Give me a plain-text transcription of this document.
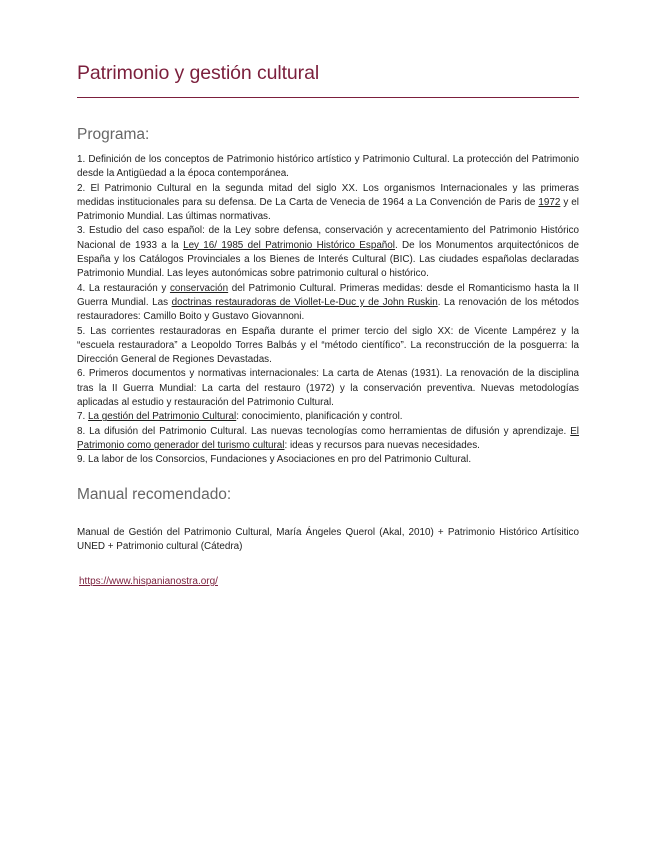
Patrimonio y gestión cultural
Programa:
1. Definición de los conceptos de Patrimonio histórico artístico y Patrimonio Cultural. La protección del Patrimonio desde la Antigüedad a la época contemporánea.
2. El Patrimonio Cultural en la segunda mitad del siglo XX. Los organismos Internacionales y las primeras medidas institucionales para su defensa. De La Carta de Venecia de 1964 a La Convención de Paris de 1972 y el Patrimonio Mundial. Las últimas normativas.
3. Estudio del caso español: de la Ley sobre defensa, conservación y acrecentamiento del Patrimonio Histórico Nacional de 1933 a la Ley 16/ 1985 del Patrimonio Histórico Español. De los Monumentos arquitectónicos de España y los Catálogos Provinciales a los Bienes de Interés Cultural (BIC). Las ciudades españolas declaradas Patrimonio Mundial. Las leyes autonómicas sobre patrimonio cultural o histórico.
4. La restauración y conservación del Patrimonio Cultural. Primeras medidas: desde el Romanticismo hasta la II Guerra Mundial. Las doctrinas restauradoras de Viollet-Le-Duc y de John Ruskin. La renovación de los métodos restauradores: Camillo Boito y Gustavo Giovannoni.
5. Las corrientes restauradoras en España durante el primer tercio del siglo XX: de Vicente Lampérez y la “escuela restauradora” a Leopoldo Torres Balbás y el “método científico”. La reconstrucción de la posguerra: la Dirección General de Regiones Devastadas.
6. Primeros documentos y normativas internacionales: La carta de Atenas (1931). La renovación de la disciplina tras la II Guerra Mundial: La carta del restauro (1972) y la conservación preventiva. Nuevas metodologías aplicadas al estudio y restauración del Patrimonio Cultural.
7. La gestión del Patrimonio Cultural: conocimiento, planificación y control.
8. La difusión del Patrimonio Cultural. Las nuevas tecnologías como herramientas de difusión y aprendizaje. El Patrimonio como generador del turismo cultural: ideas y recursos para nuevas necesidades.
9. La labor de los Consorcios, Fundaciones y Asociaciones en pro del Patrimonio Cultural.
Manual recomendado:

Manual de Gestión del Patrimonio Cultural, María Ángeles Querol (Akal, 2010) + Patrimonio Histórico Artísitico UNED + Patrimonio cultural (Cátedra)

https://www.hispanianostra.org/
